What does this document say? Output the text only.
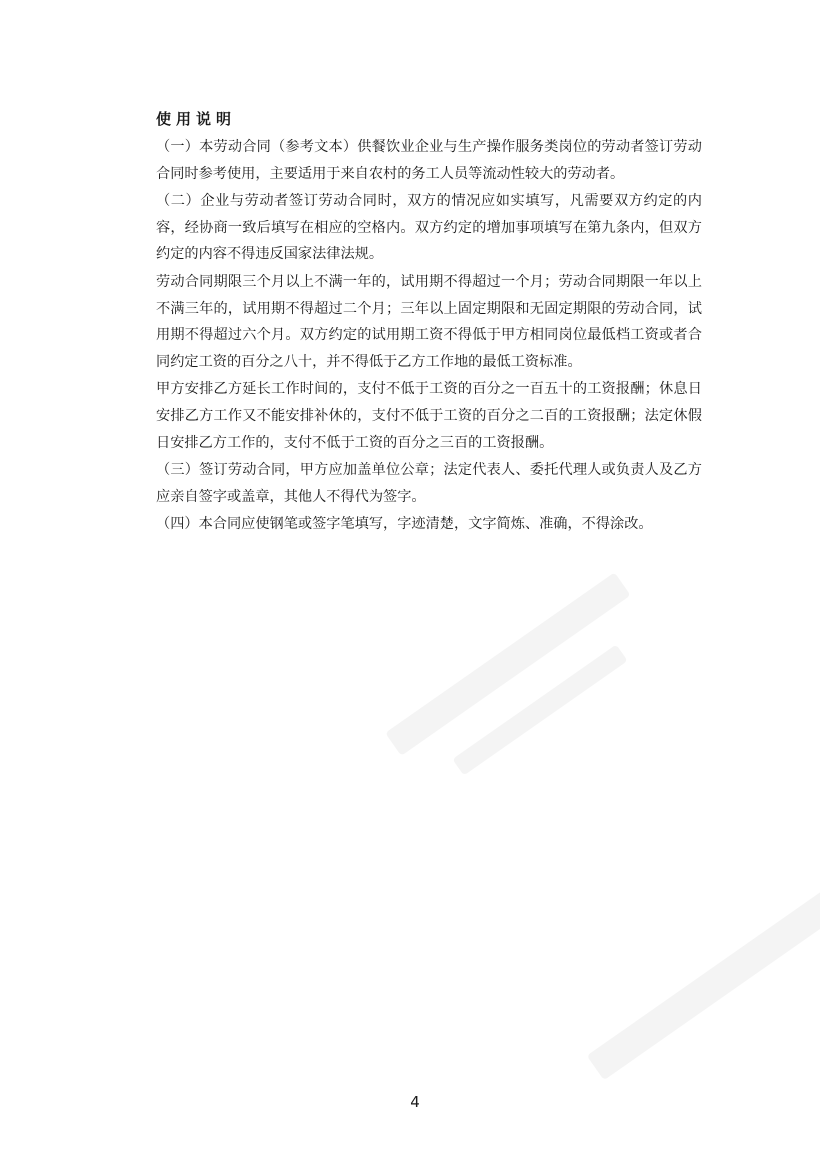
使用说明

（一）本劳动合同（参考文本）供餐饮业企业与生产操作服务类岗位的劳动者签订劳动合同时参考使用，主要适用于来自农村的务工人员等流动性较大的劳动者。

（二）企业与劳动者签订劳动合同时，双方的情况应如实填写，凡需要双方约定的内容，经协商一致后填写在相应的空格内。双方约定的增加事项填写在第九条内，但双方约定的内容不得违反国家法律法规。

劳动合同期限三个月以上不满一年的，试用期不得超过一个月；劳动合同期限一年以上不满三年的，试用期不得超过二个月；三年以上固定期限和无固定期限的劳动合同，试用期不得超过六个月。双方约定的试用期工资不得低于甲方相同岗位最低档工资或者合同约定工资的百分之八十，并不得低于乙方工作地的最低工资标准。

甲方安排乙方延长工作时间的，支付不低于工资的百分之一百五十的工资报酬；休息日安排乙方工作又不能安排补休的，支付不低于工资的百分之二百的工资报酬；法定休假日安排乙方工作的，支付不低于工资的百分之三百的工资报酬。

（三）签订劳动合同，甲方应加盖单位公章；法定代表人、委托代理人或负责人及乙方应亲自签字或盖章，其他人不得代为签字。

（四）本合同应使钢笔或签字笔填写，字迹清楚，文字简炼、准确，不得涂改。

4
